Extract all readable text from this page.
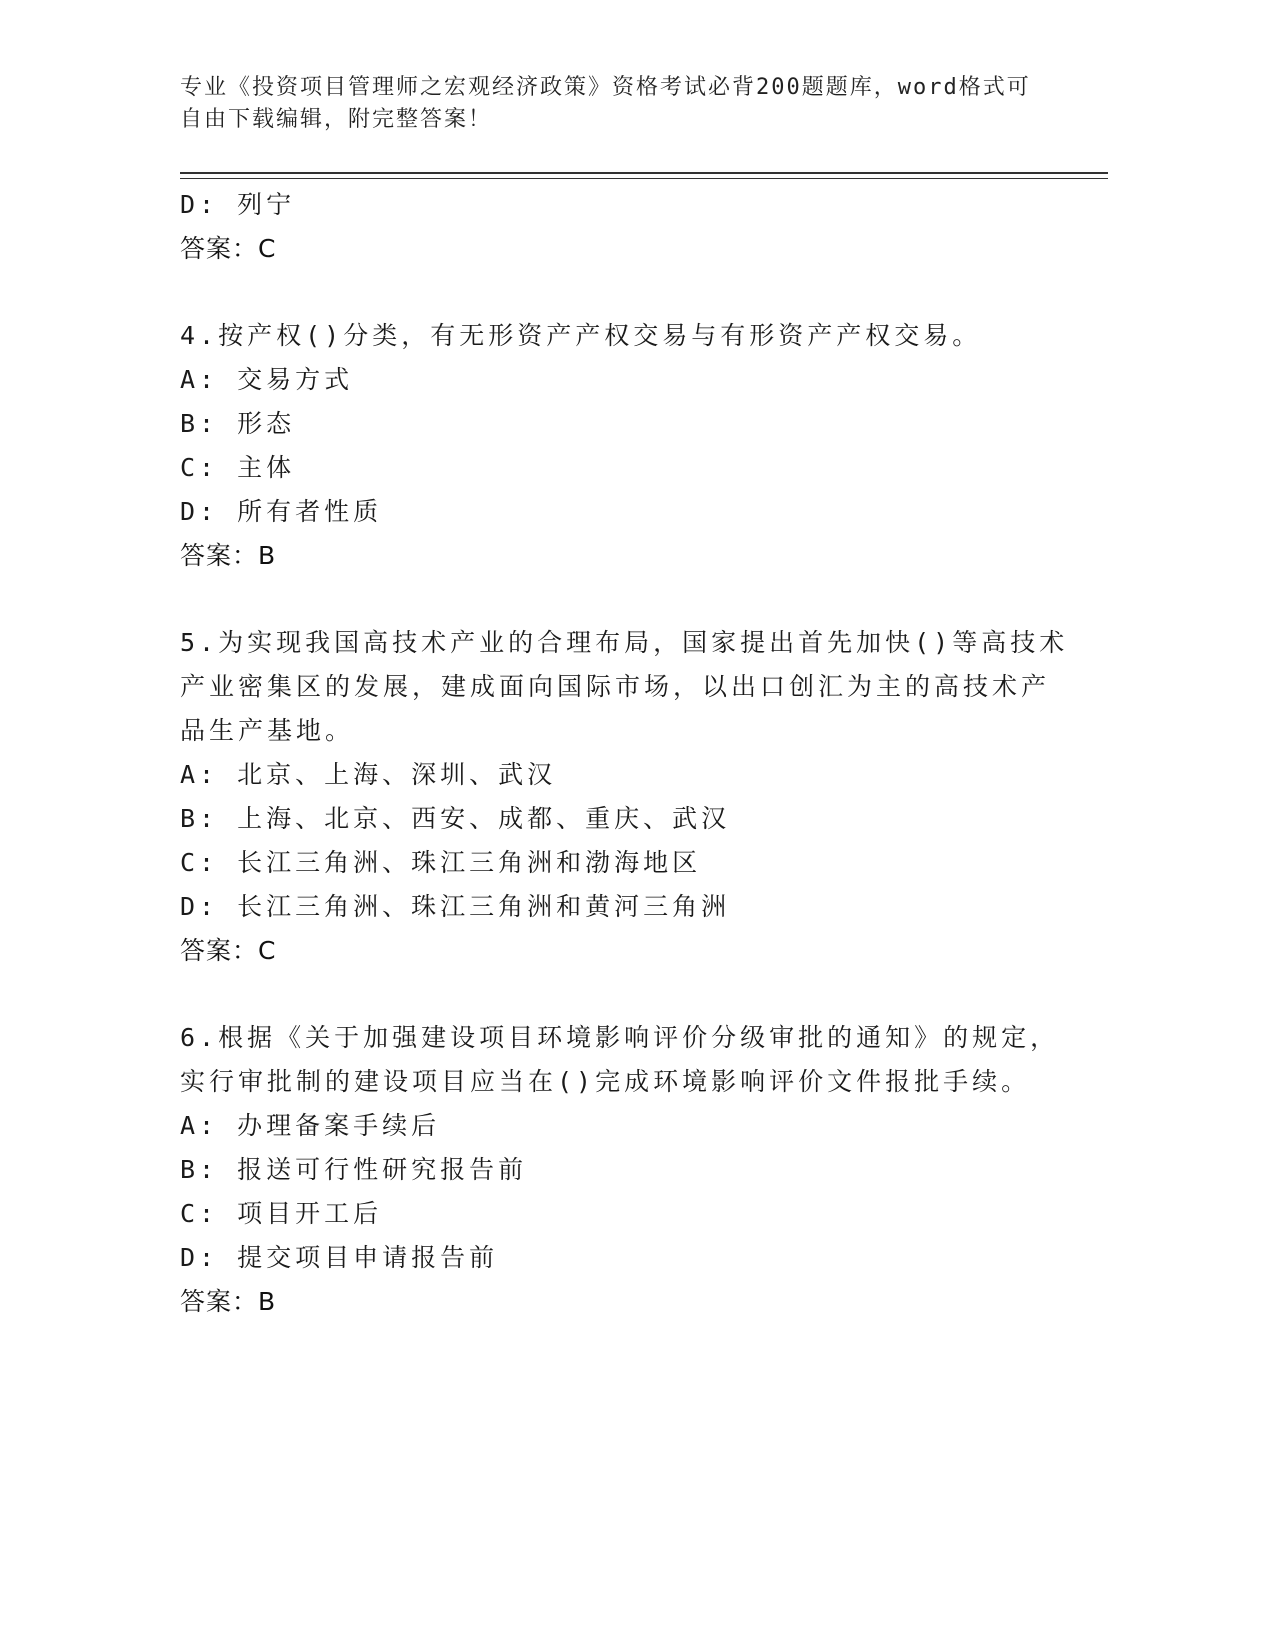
专业《投资项目管理师之宏观经济政策》资格考试必背200题题库，word格式可
自由下载编辑，附完整答案！
D: 列宁
答案：C
4.按产权()分类，有无形资产产权交易与有形资产产权交易。
A: 交易方式
B: 形态
C: 主体
D: 所有者性质
答案：B
5.为实现我国高技术产业的合理布局，国家提出首先加快()等高技术
产业密集区的发展，建成面向国际市场，以出口创汇为主的高技术产
品生产基地。
A: 北京、上海、深圳、武汉
B: 上海、北京、西安、成都、重庆、武汉
C: 长江三角洲、珠江三角洲和渤海地区
D: 长江三角洲、珠江三角洲和黄河三角洲
答案：C
6.根据《关于加强建设项目环境影响评价分级审批的通知》的规定，
实行审批制的建设项目应当在()完成环境影响评价文件报批手续。
A: 办理备案手续后
B: 报送可行性研究报告前
C: 项目开工后
D: 提交项目申请报告前
答案：B
